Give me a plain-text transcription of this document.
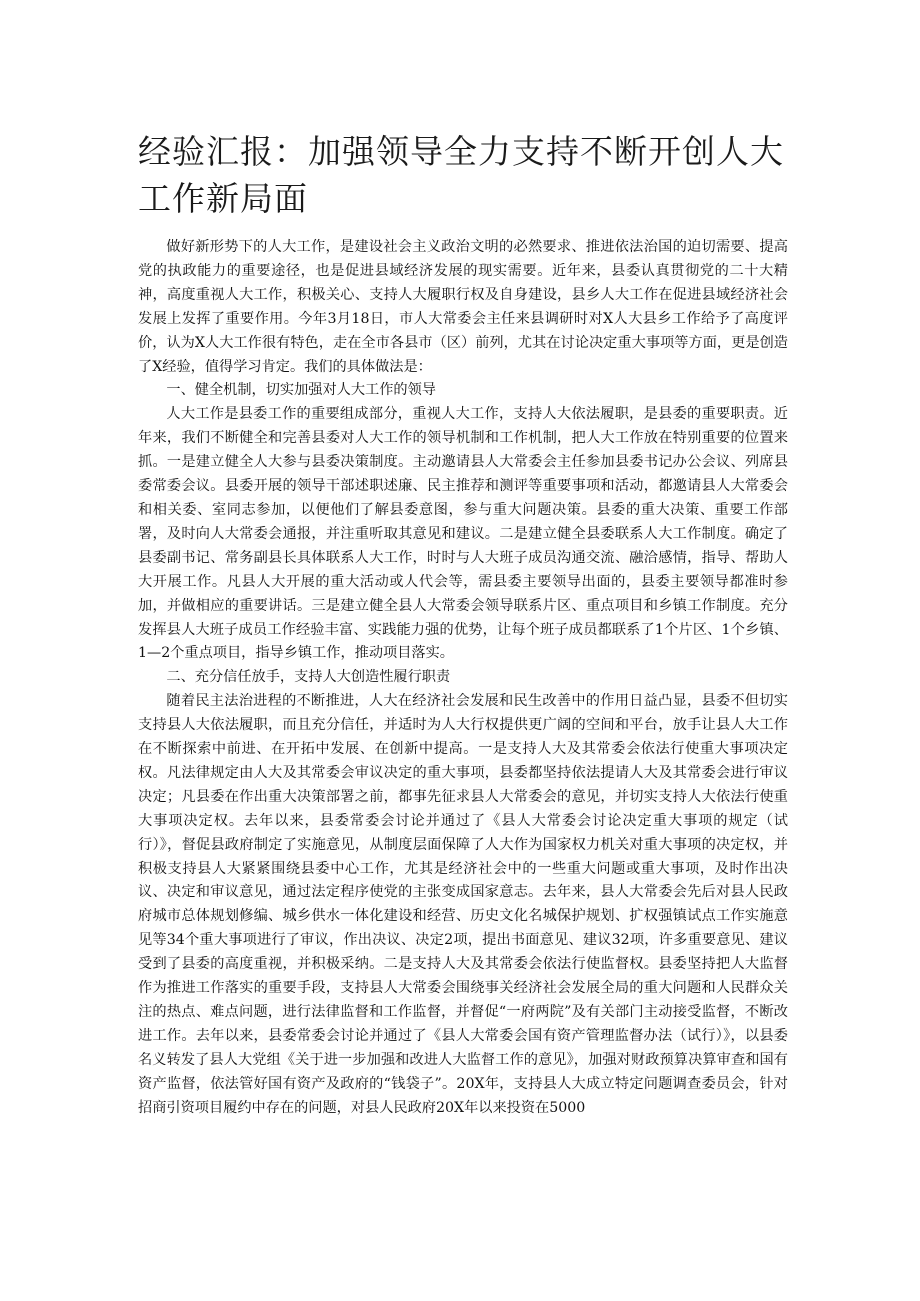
经验汇报：加强领导全力支持不断开创人大工作新局面

做好新形势下的人大工作，是建设社会主义政治文明的必然要求、推进依法治国的迫切需要、提高党的执政能力的重要途径，也是促进县域经济发展的现实需要。近年来，县委认真贯彻党的二十大精神，高度重视人大工作，积极关心、支持人大履职行权及自身建设，县乡人大工作在促进县域经济社会发展上发挥了重要作用。今年3月18日，市人大常委会主任来县调研时对X人大县乡工作给予了高度评价，认为X人大工作很有特色，走在全市各县市（区）前列，尤其在讨论决定重大事项等方面，更是创造了X经验，值得学习肯定。我们的具体做法是：

一、健全机制，切实加强对人大工作的领导

人大工作是县委工作的重要组成部分，重视人大工作，支持人大依法履职，是县委的重要职责。近年来，我们不断健全和完善县委对人大工作的领导机制和工作机制，把人大工作放在特别重要的位置来抓。一是建立健全人大参与县委决策制度。主动邀请县人大常委会主任参加县委书记办公会议、列席县委常委会议。县委开展的领导干部述职述廉、民主推荐和测评等重要事项和活动，都邀请县人大常委会和相关委、室同志参加，以便他们了解县委意图，参与重大问题决策。县委的重大决策、重要工作部署，及时向人大常委会通报，并注重听取其意见和建议。二是建立健全县委联系人大工作制度。确定了县委副书记、常务副县长具体联系人大工作，时时与人大班子成员沟通交流、融洽感情，指导、帮助人大开展工作。凡县人大开展的重大活动或人代会等，需县委主要领导出面的，县委主要领导都准时参加，并做相应的重要讲话。三是建立健全县人大常委会领导联系片区、重点项目和乡镇工作制度。充分发挥县人大班子成员工作经验丰富、实践能力强的优势，让每个班子成员都联系了1个片区、1个乡镇、1—2个重点项目，指导乡镇工作，推动项目落实。

二、充分信任放手，支持人大创造性履行职责

随着民主法治进程的不断推进，人大在经济社会发展和民生改善中的作用日益凸显，县委不但切实支持县人大依法履职，而且充分信任，并适时为人大行权提供更广阔的空间和平台，放手让县人大工作在不断探索中前进、在开拓中发展、在创新中提高。一是支持人大及其常委会依法行使重大事项决定权。凡法律规定由人大及其常委会审议决定的重大事项，县委都坚持依法提请人大及其常委会进行审议决定；凡县委在作出重大决策部署之前，都事先征求县人大常委会的意见，并切实支持人大依法行使重大事项决定权。去年以来，县委常委会讨论并通过了《县人大常委会讨论决定重大事项的规定（试行）》，督促县政府制定了实施意见，从制度层面保障了人大作为国家权力机关对重大事项的决定权，并积极支持县人大紧紧围绕县委中心工作，尤其是经济社会中的一些重大问题或重大事项，及时作出决议、决定和审议意见，通过法定程序使党的主张变成国家意志。去年来，县人大常委会先后对县人民政府城市总体规划修编、城乡供水一体化建设和经营、历史文化名城保护规划、扩权强镇试点工作实施意见等34个重大事项进行了审议，作出决议、决定2项，提出书面意见、建议32项，许多重要意见、建议受到了县委的高度重视，并积极采纳。二是支持人大及其常委会依法行使监督权。县委坚持把人大监督作为推进工作落实的重要手段，支持县人大常委会围绕事关经济社会发展全局的重大问题和人民群众关注的热点、难点问题，进行法律监督和工作监督，并督促“一府两院”及有关部门主动接受监督，不断改进工作。去年以来，县委常委会讨论并通过了《县人大常委会国有资产管理监督办法（试行）》，以县委名义转发了县人大党组《关于进一步加强和改进人大监督工作的意见》，加强对财政预算决算审查和国有资产监督，依法管好国有资产及政府的“钱袋子”。20X年，支持县人大成立特定问题调查委员会，针对招商引资项目履约中存在的问题，对县人民政府20X年以来投资在5000
